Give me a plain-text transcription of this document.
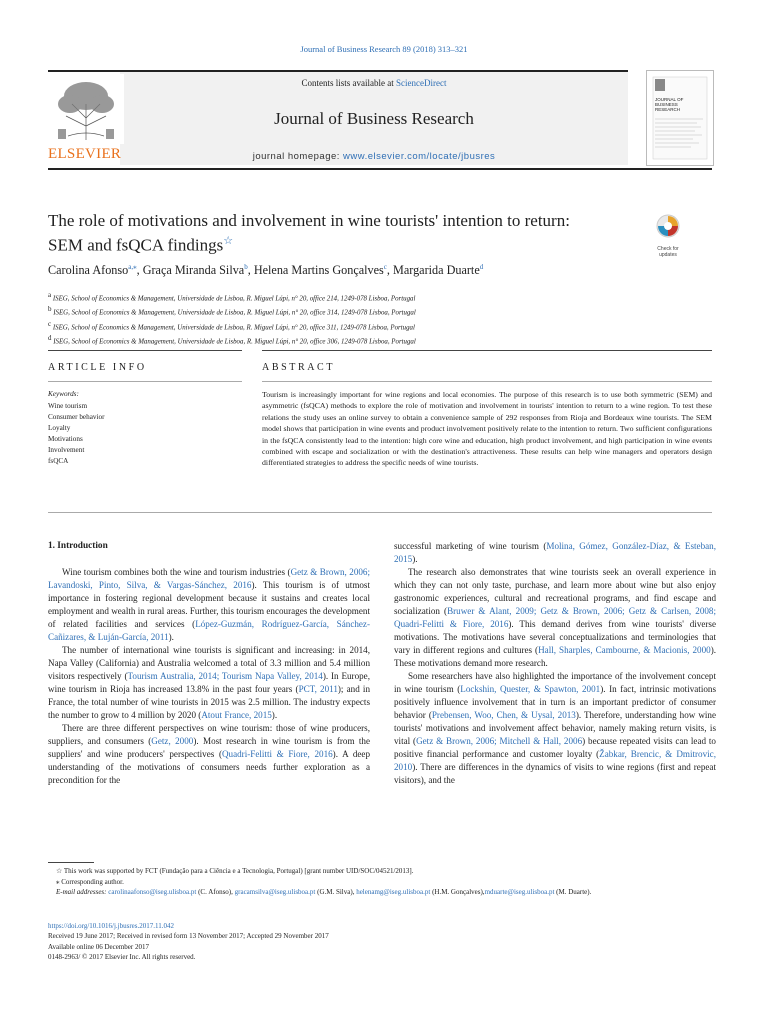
Journal of Business Research 89 (2018) 313–321
Contents lists available at ScienceDirect
Journal of Business Research
journal homepage: www.elsevier.com/locate/jbusres
ELSEVIER
JOURNAL OF
BUSINESS
RESEARCH
The role of motivations and involvement in wine tourists' intention to return: SEM and fsQCA findings☆
Check for updates
Carolina Afonso$^{a,⁎}$, Graça Miranda Silva$^b$, Helena Martins Gonçalves$^c$, Margarida Duarte$^d$
$^a$ ISEG, School of Economics & Management, Universidade de Lisboa, R. Miguel Lúpi, n° 20, office 214, 1249-078 Lisboa, Portugal
$^b$ ISEG, School of Economics & Management, Universidade de Lisboa, R. Miguel Lúpi, n° 20, office 314, 1249-078 Lisboa, Portugal
$^c$ ISEG, School of Economics & Management, Universidade de Lisboa, R. Miguel Lúpi, n° 20, office 311, 1249-078 Lisboa, Portugal
$^d$ ISEG, School of Economics & Management, Universidade de Lisboa, R. Miguel Lúpi, n° 20, office 306, 1249-078 Lisboa, Portugal
ARTICLE INFO	ABSTRACT
Keywords:
Wine tourism
Consumer behavior
Loyalty
Motivations
Involvement
fsQCA
Tourism is increasingly important for wine regions and local economies. The purpose of this research is to use both symmetric (SEM) and asymmetric (fsQCA) methods to explore the role of motivation and involvement in tourists' intention to return to a wine region. To test these relations the study uses an online survey to obtain a convenience sample of 292 responses from Rioja and Bordeaux wine tourists. The SEM model shows that participation in wine events and product involvement positively relate to the intention to return. Two sufficient configurations in the fsQCA consistently lead to the intention: high core wine and education, high product involvement, and high participation in wine events combined with escape and socialization or with the destination's attractiveness. These results can help wine managers and operators design differentiated strategies to address the specific needs of wine tourists.

1. Introduction

Wine tourism combines both the wine and tourism industries (Getz & Brown, 2006; Lavandoski, Pinto, Silva, & Vargas-Sánchez, 2016). This tourism is of utmost importance in fostering regional development because it sustains and creates local employment and wealth in rural areas. Further, this tourism encourages the development of related facilities and services (López-Guzmán, Rodríguez-García, Sánchez-Cañizares, & Luján-García, 2011).

The number of international wine tourists is significant and increasing: in 2014, Napa Valley (California) and Australia welcomed a total of 3.3 million and 5.4 million visitors respectively (Tourism Australia, 2014; Tourism Napa Valley, 2014). In Europe, wine tourism in Rioja has increased 13.8% in the past four years (PCT, 2011); and in France, the total number of wine tourists in 2015 was 2.5 million. The industry expects the number to grow to 4 million by 2020 (Atout France, 2015).

There are three different perspectives on wine tourism: those of wine producers, suppliers, and consumers (Getz, 2000). Most research in wine tourism is from the suppliers' and wine producers' perspectives (Quadri-Felitti & Fiore, 2016). A deep understanding of the motivations of consumers needs further exploration as a precondition for the

successful marketing of wine tourism (Molina, Gómez, González-Díaz, & Esteban, 2015).

The research also demonstrates that wine tourists seek an overall experience in which they can not only taste, purchase, and learn more about wine but also enjoy gastronomic experiences, cultural and recreational programs, and find escape and socialization (Bruwer & Alant, 2009; Getz & Brown, 2006; Getz & Carlsen, 2008; Quadri-Felitti & Fiore, 2016). This demand derives from wine tourists' diverse motivations. The motivations have several conceptualizations and terminologies that vary in different regions and cultures (Hall, Sharples, Cambourne, & Macionis, 2000). These motivations demand more research.

Some researchers have also highlighted the importance of the involvement concept in wine tourism (Lockshin, Quester, & Spawton, 2001). In fact, intrinsic motivations positively influence involvement that in turn is an important predictor of consumer behavior (Prebensen, Woo, Chen, & Uysal, 2013). Therefore, understanding how wine tourists' motivations and involvement affect behavior, namely making return visits, is vital (Getz & Brown, 2006; Mitchell & Hall, 2006) because repeated visits can lead to positive financial performance and customer loyalty (Žabkar, Brencic, & Dmitrovic, 2010). There are differences in the dynamics of visits to wine regions (first and repeat visitors), and the

☆ This work was supported by FCT (Fundação para a Ciência e a Tecnologia, Portugal) [grant number UID/SOC/04521/2013].
⁎ Corresponding author.
E-mail addresses: carolinaafonso@iseg.ulisboa.pt (C. Afonso), gracamsilva@iseg.ulisboa.pt (G.M. Silva), helenamg@iseg.ulisboa.pt (H.M. Gonçalves),mduarte@iseg.ulisboa.pt (M. Duarte).
https://doi.org/10.1016/j.jbusres.2017.11.042
Received 19 June 2017; Received in revised form 13 November 2017; Accepted 29 November 2017
Available online 06 December 2017
0148-2963/ © 2017 Elsevier Inc. All rights reserved.
